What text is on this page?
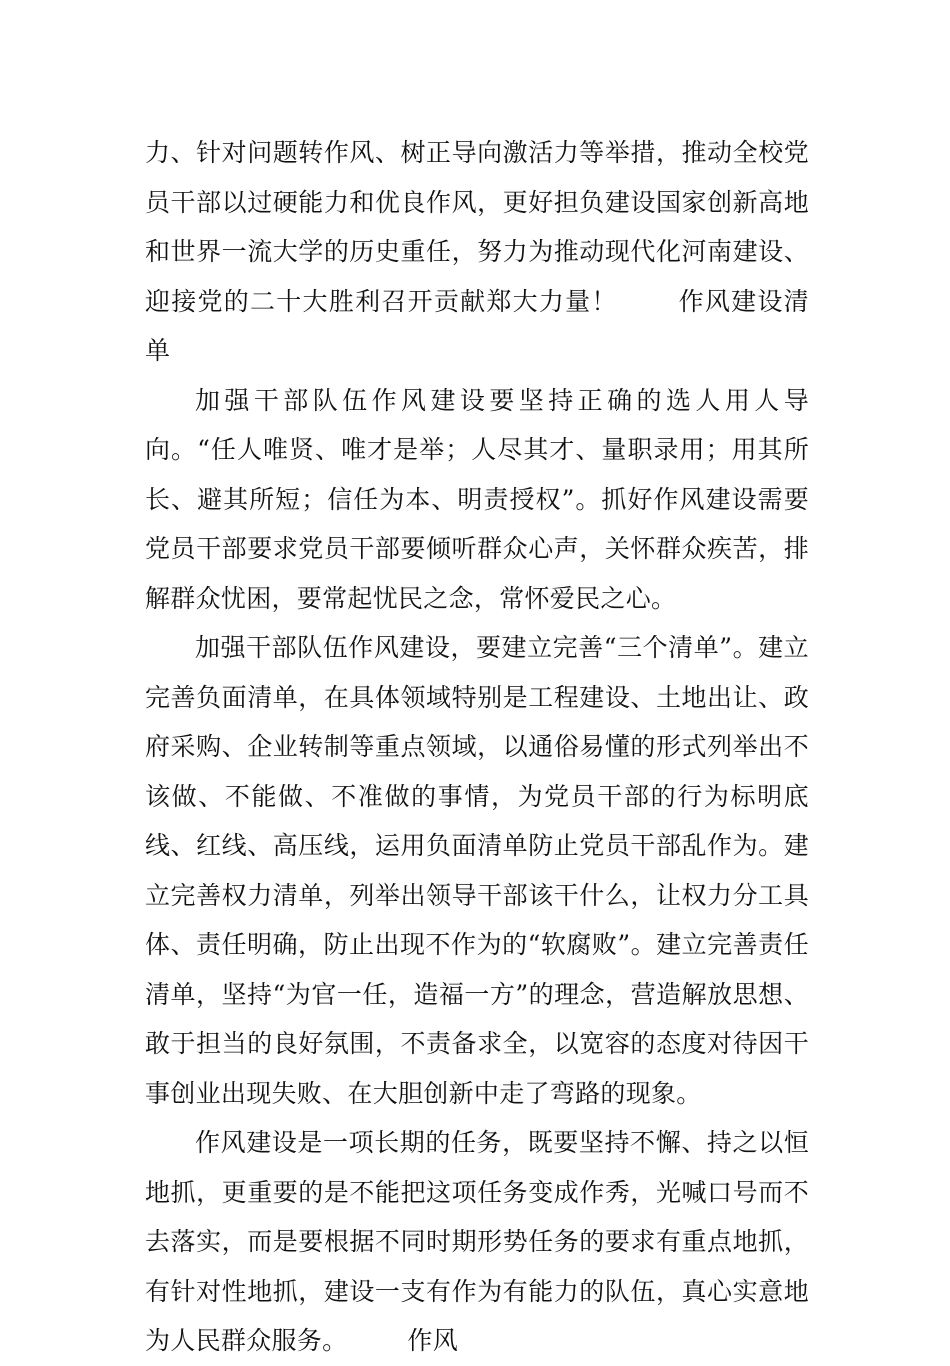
力、针对问题转作风、树正导向激活力等举措，推动全校党员干部以过硬能力和优良作风，更好担负建设国家创新高地和世界一流大学的历史重任，努力为推动现代化河南建设、迎接党的二十大胜利召开贡献郑大力量！ 作风建设清单

加强干部队伍作风建设要坚持正确的选人用人导向。“任人唯贤、唯才是举；人尽其才、量职录用；用其所长、避其所短；信任为本、明责授权”。抓好作风建设需要党员干部要求党员干部要倾听群众心声，关怀群众疾苦，排解群众忧困，要常起忧民之念，常怀爱民之心。

加强干部队伍作风建设，要建立完善“三个清单”。建立完善负面清单，在具体领域特别是工程建设、土地出让、政府采购、企业转制等重点领域，以通俗易懂的形式列举出不该做、不能做、不准做的事情，为党员干部的行为标明底线、红线、高压线，运用负面清单防止党员干部乱作为。建立完善权力清单，列举出领导干部该干什么，让权力分工具体、责任明确，防止出现不作为的“软腐败”。建立完善责任清单，坚持“为官一任，造福一方”的理念，营造解放思想、敢于担当的良好氛围，不责备求全，以宽容的态度对待因干事创业出现失败、在大胆创新中走了弯路的现象。

作风建设是一项长期的任务，既要坚持不懈、持之以恒地抓，更重要的是不能把这项任务变成作秀，光喊口号而不去落实，而是要根据不同时期形势任务的要求有重点地抓，有针对性地抓，建设一支有作为有能力的队伍，真心实意地为人民群众服务。 作风
